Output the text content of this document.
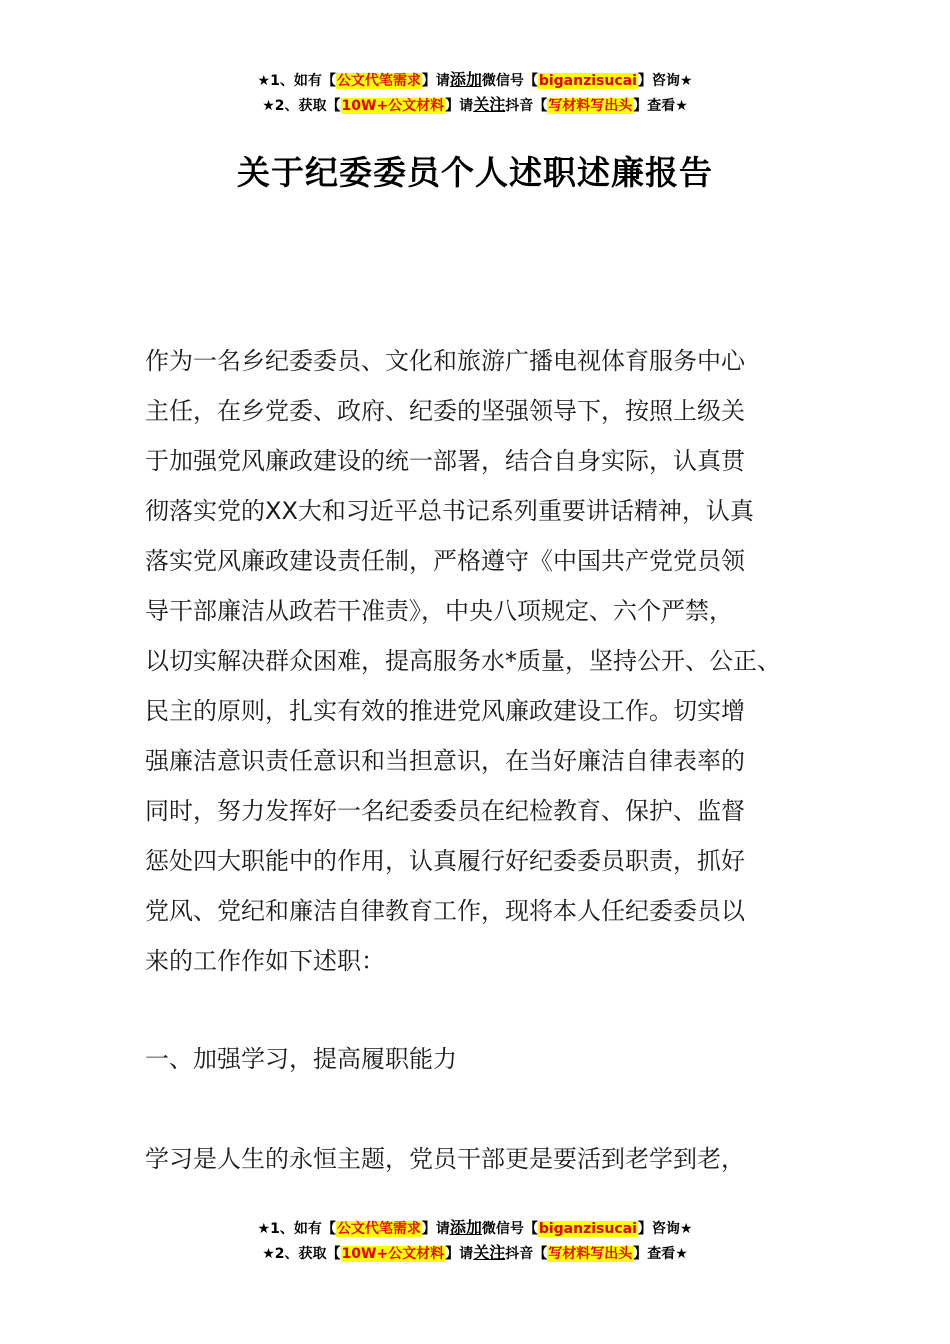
★1、如有【公文代笔需求】请添加微信号【biganzisucai】咨询★
★2、获取【10W+公文材料】请关注抖音【写材料写出头】查看★
关于纪委委员个人述职述廉报告
作为一名乡纪委委员、文化和旅游广播电视体育服务中心
主任，在乡党委、政府、纪委的坚强领导下，按照上级关
于加强党风廉政建设的统一部署，结合自身实际，认真贯
彻落实党的XX大和习近平总书记系列重要讲话精神，认真
落实党风廉政建设责任制，严格遵守《中国共产党党员领
导干部廉洁从政若干准责》，中央八项规定、六个严禁，
以切实解决群众困难，提高服务水*质量，坚持公开、公正、
民主的原则，扎实有效的推进党风廉政建设工作。切实增
强廉洁意识责任意识和当担意识，在当好廉洁自律表率的
同时，努力发挥好一名纪委委员在纪检教育、保护、监督
惩处四大职能中的作用，认真履行好纪委委员职责，抓好
党风、党纪和廉洁自律教育工作，现将本人任纪委委员以
来的工作作如下述职：
一、加强学习，提高履职能力
学习是人生的永恒主题，党员干部更是要活到老学到老，
★1、如有【公文代笔需求】请添加微信号【biganzisucai】咨询★
★2、获取【10W+公文材料】请关注抖音【写材料写出头】查看★
